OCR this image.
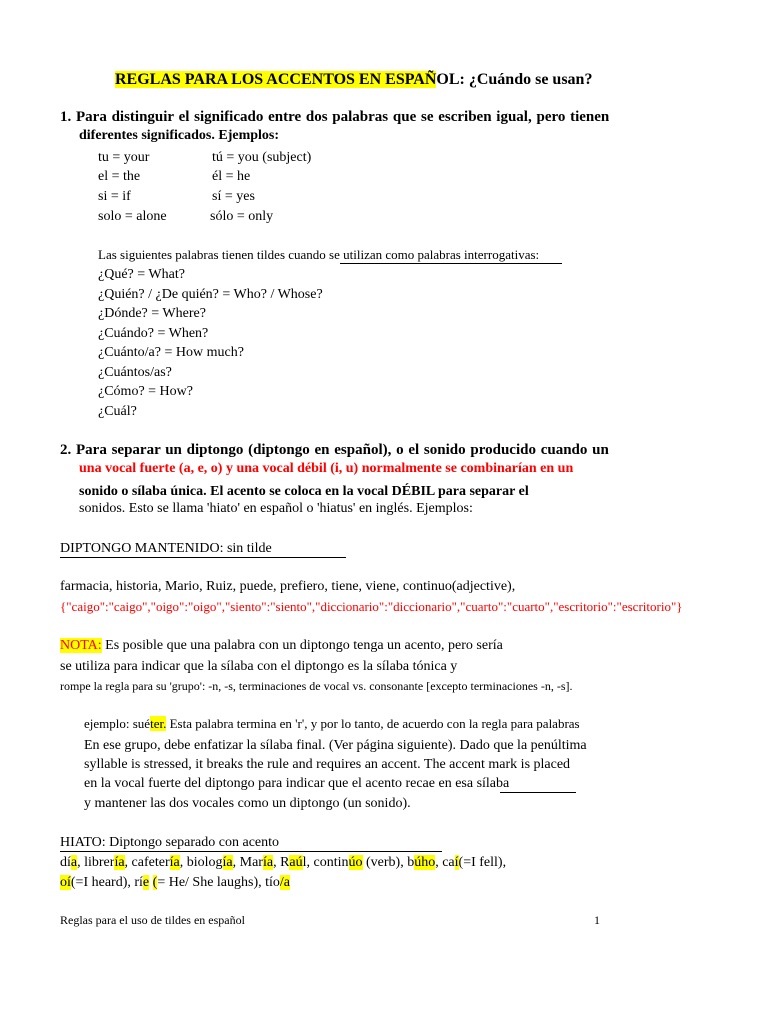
REGLAS PARA LOS ACCENTOS EN ESPAÑOL: ¿Cuándo se usan?
1. Para distinguir el significado entre dos palabras que se escriben igual, pero tienen
diferentes significados. Ejemplos:
tu = your	tú = you (subject)
el = the	él = he
si = if	sí = yes
solo = alone	sólo = only
Las siguientes palabras tienen tildes cuando se utilizan como palabras interrogativas:
¿Qué? = What?
¿Quién? / ¿De quién? = Who? / Whose?
¿Dónde? = Where?
¿Cuándo? = When?
¿Cuánto/a? = How much?
¿Cuántos/as?
¿Cómo? = How?
¿Cuál?
2. Para separar un diptongo (diptongo en español), o el sonido producido cuando un
una vocal fuerte (a, e, o) y una vocal débil (i, u) normalmente se combinarían en un
sonido o sílaba única. El acento se coloca en la vocal DÉBIL para separar el
sonidos. Esto se llama 'hiato' en español o 'hiatus' en inglés. Ejemplos:
DIPTONGO MANTENIDO: sin tilde
farmacia, historia, Mario, Ruiz, puede, prefiero, tiene, viene, continuo(adjective),
{"caigo":"caigo","oigo":"oigo","siento":"siento","diccionario":"diccionario","cuarto":"cuarto","escritorio":"escritorio"}
NOTA: Es posible que una palabra con un diptongo tenga un acento, pero sería
se utiliza para indicar que la sílaba con el diptongo es la sílaba tónica y
rompe la regla para su 'grupo': -n, -s, terminaciones de vocal vs. consonante [excepto terminaciones -n, -s].
ejemplo: suéter. Esta palabra termina en 'r', y por lo tanto, de acuerdo con la regla para palabras
En ese grupo, debe enfatizar la sílaba final. (Ver página siguiente). Dado que la penúltima
syllable is stressed, it breaks the rule and requires an accent. The accent mark is placed
en la vocal fuerte del diptongo para indicar que el acento recae en esa sílaba
y mantener las dos vocales como un diptongo (un sonido).
HIATO: Diptongo separado con acento
día, librería, cafetería, biología, María, Raúl, continúo (verb), búho, caí(=I fell),
oí(=I heard), ríe (= He/ She laughs), tío/a
Reglas para el uso de tildes en español	1
